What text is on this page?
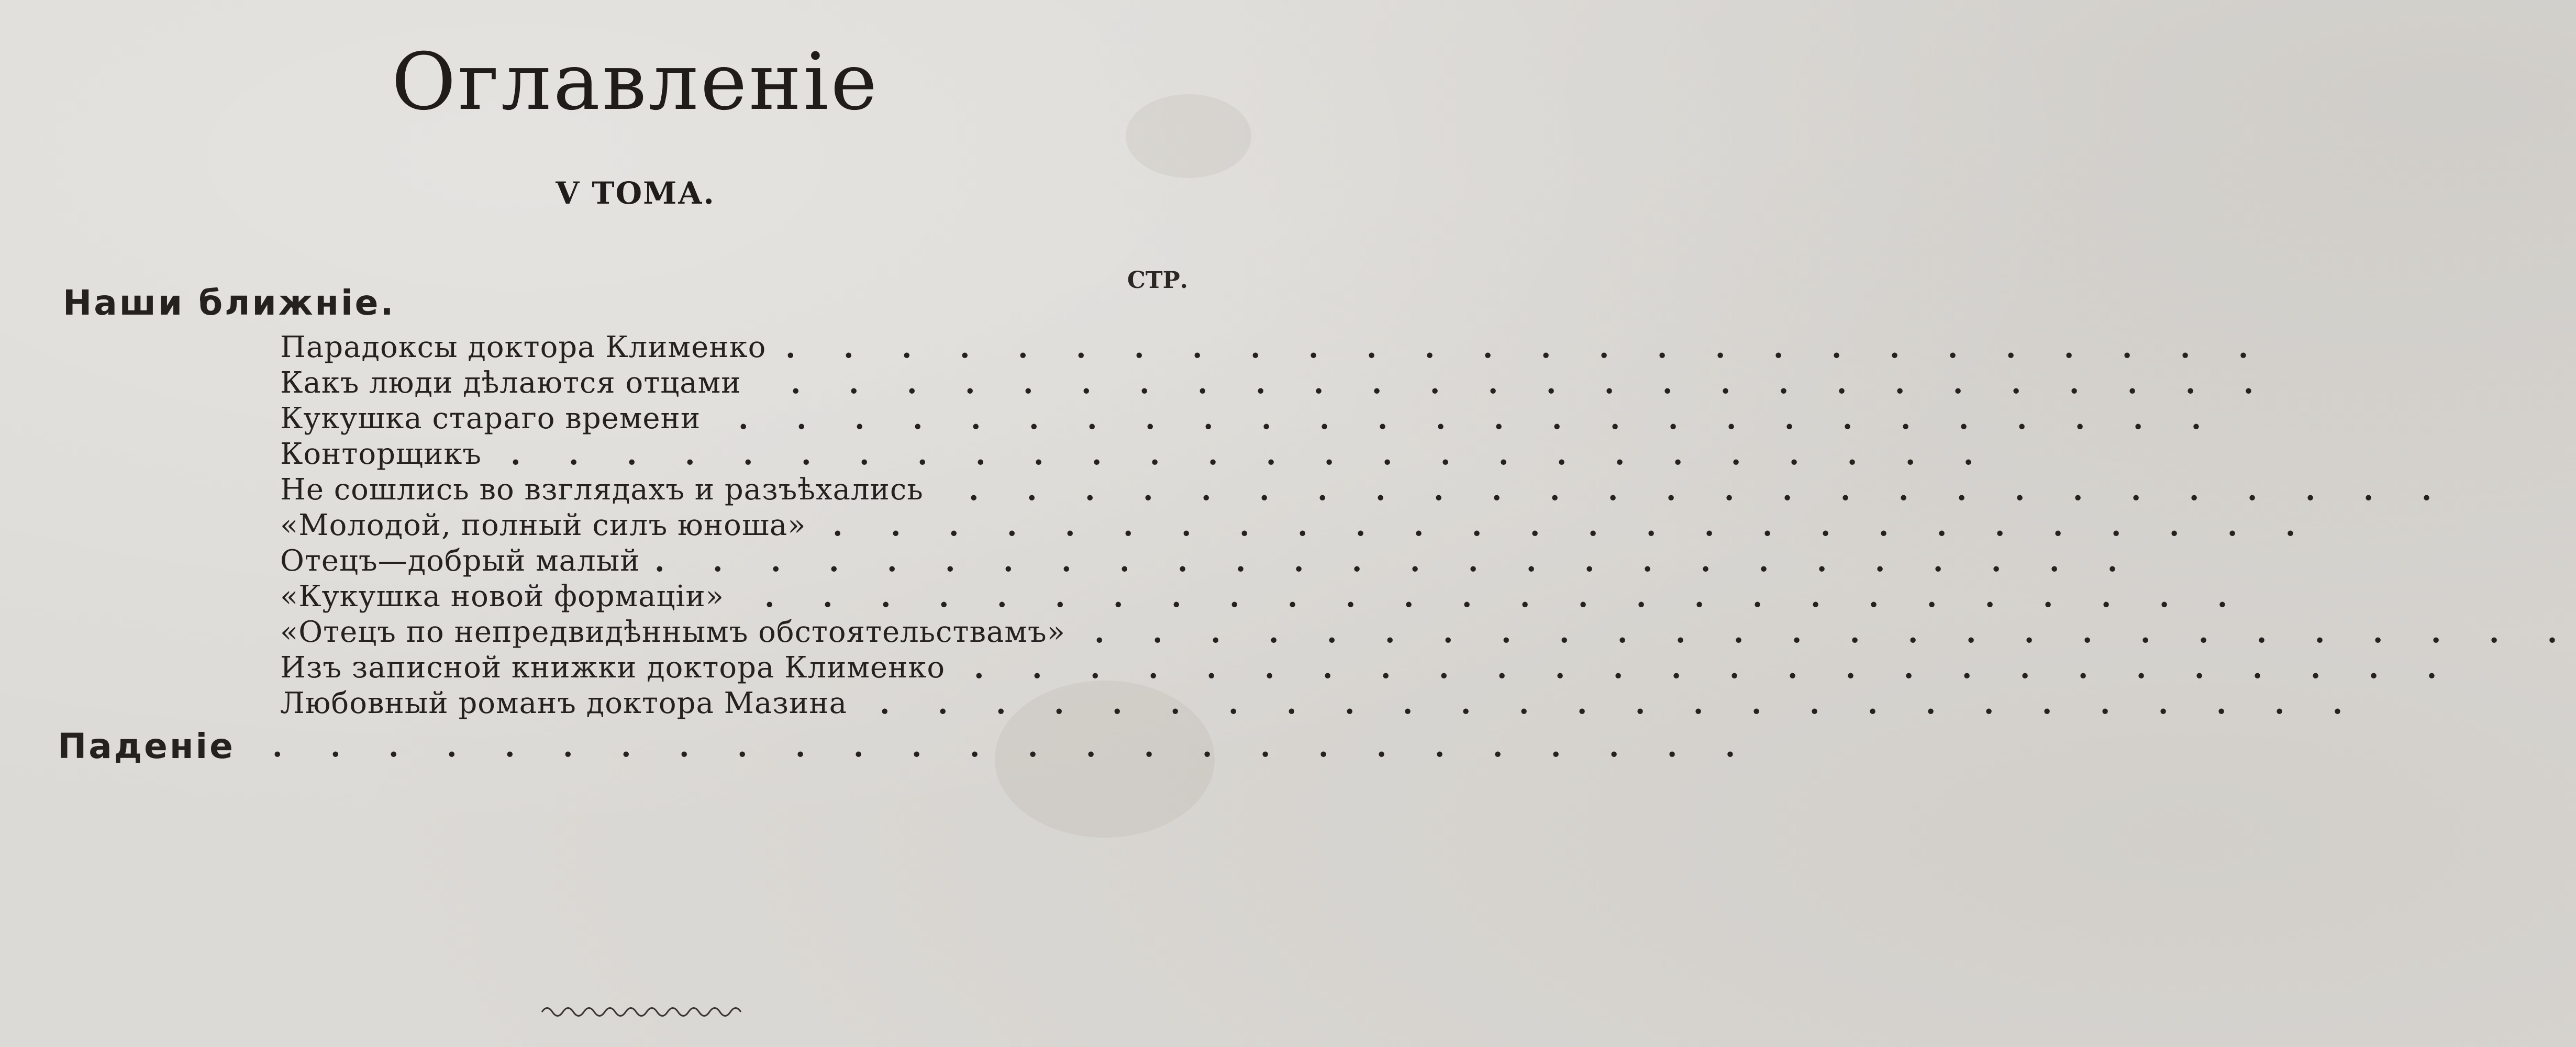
Оглавленіе
V ТОМА.
СТР.
Наши ближніе.
Парадоксы доктора Клименко . . . . . . . . . . . . . . . . . . . . . . . . . .
Какъ люди дѣлаются отцами . . . . . . . . . . . . . . . . . . . . . . . . . .
Кукушка стараго времени . . . . . . . . . . . . . . . . . . . . . . . . . .
Конторщикъ . . . . . . . . . . . . . . . . . . . . . . . . . .
Не сошлись во взглядахъ и разъѣхались . . . . . . . . . . . . . . . . . . . . . . . . . .
«Молодой, полный силъ юноша» . . . . . . . . . . . . . . . . . . . . . . . . . .
Отецъ—добрый малый . . . . . . . . . . . . . . . . . . . . . . . . . .
«Кукушка новой формаціи» . . . . . . . . . . . . . . . . . . . . . . . . . .
«Отецъ по непредвидѣннымъ обстоятельствамъ» . . . . . . . . . . . . . . . . . . . . . . . . . .
Изъ записной книжки доктора Клименко . . . . . . . . . . . . . . . . . . . . . . . . . .
Любовный романъ доктора Мазина . . . . . . . . . . . . . . . . . . . . . . . . . .
Паденіе . . . . . . . . . . . . . . . . . . . . . . . . . .
